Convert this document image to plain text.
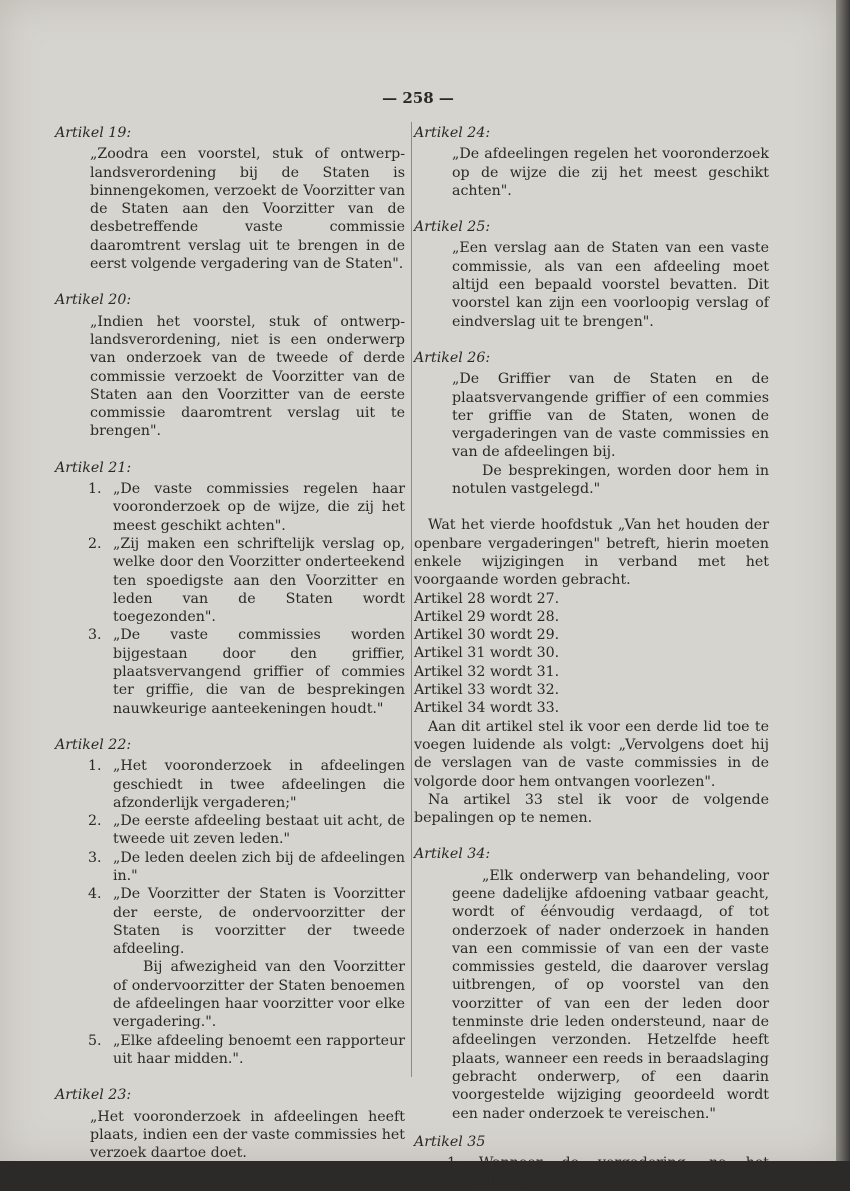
— 258 —

Artikel 19:

„Zoodra een voorstel, stuk of ontwerp-landsverordening bij de Staten is binnengekomen, verzoekt de Voorzitter van de Staten aan den Voorzitter van de desbetreffende vaste commissie daaromtrent verslag uit te brengen in de eerst volgende vergadering van de Staten".

Artikel 20:

„Indien het voorstel, stuk of ontwerp-landsverordening, niet is een onderwerp van onderzoek van de tweede of derde commissie verzoekt de Voorzitter van de Staten aan den Voorzitter van de eerste commissie daaromtrent verslag uit te brengen".

Artikel 21:

1. „De vaste commissies regelen haar vooronderzoek op de wijze, die zij het meest geschikt achten".
2. „Zij maken een schriftelijk verslag op, welke door den Voorzitter onderteekend ten spoedigste aan den Voorzitter en leden van de Staten wordt toegezonden".
3. „De vaste commissies worden bijgestaan door den griffier, plaatsvervangend griffier of commies ter griffie, die van de besprekingen nauwkeurige aanteekeningen houdt."

Artikel 22:

1. „Het vooronderzoek in afdeelingen geschiedt in twee afdeelingen die afzonderlijk vergaderen;"
2. „De eerste afdeeling bestaat uit acht, de tweede uit zeven leden."
3. „De leden deelen zich bij de afdeelingen in."
4. „De Voorzitter der Staten is Voorzitter der eerste, de ondervoorzitter der Staten is voorzitter der tweede afdeeling.

Bij afwezigheid van den Voorzitter of ondervoorzitter der Staten benoemen de afdeelingen haar voorzitter voor elke vergadering.".

5. „Elke afdeeling benoemt een rapporteur uit haar midden.".

Artikel 23:

„Het vooronderzoek in afdeelingen heeft plaats, indien een der vaste commissies het verzoek daartoe doet.

Artikel 24:

„De afdeelingen regelen het vooronderzoek op de wijze die zij het meest geschikt achten".

Artikel 25:

„Een verslag aan de Staten van een vaste commissie, als van een afdeeling moet altijd een bepaald voorstel bevatten. Dit voorstel kan zijn een voorloopig verslag of eindverslag uit te brengen".

Artikel 26:

„De Griffier van de Staten en de plaatsvervangende griffier of een commies ter griffie van de Staten, wonen de vergaderingen van de vaste commissies en van de afdeelingen bij.

De besprekingen, worden door hem in notulen vastgelegd."

Wat het vierde hoofdstuk „Van het houden der openbare vergaderingen" betreft, hierin moeten enkele wijzigingen in verband met het voorgaande worden gebracht.

Artikel 28 wordt 27.

Artikel 29 wordt 28.

Artikel 30 wordt 29.

Artikel 31 wordt 30.

Artikel 32 wordt 31.

Artikel 33 wordt 32.

Artikel 34 wordt 33.

Aan dit artikel stel ik voor een derde lid toe te voegen luidende als volgt: „Vervolgens doet hij de verslagen van de vaste commissies in de volgorde door hem ontvangen voorlezen".

Na artikel 33 stel ik voor de volgende bepalingen op te nemen.

Artikel 34:

„Elk onderwerp van behandeling, voor geene dadelijke afdoening vatbaar geacht, wordt of éénvoudig verdaagd, of tot onderzoek of nader onderzoek in handen van een commissie of van een der vaste commissies gesteld, die daarover verslag uitbrengen, of op voorstel van den voorzitter of van een der leden door tenminste drie leden ondersteund, naar de afdeelingen verzonden. Hetzelfde heeft plaats, wanneer een reeds in beraadslaging gebracht onderwerp, of een daarin voorgestelde wijziging geoordeeld wordt een nader onderzoek te vereischen."

Artikel 35

1. „Wanneer de vergadering, na het uitbren-
